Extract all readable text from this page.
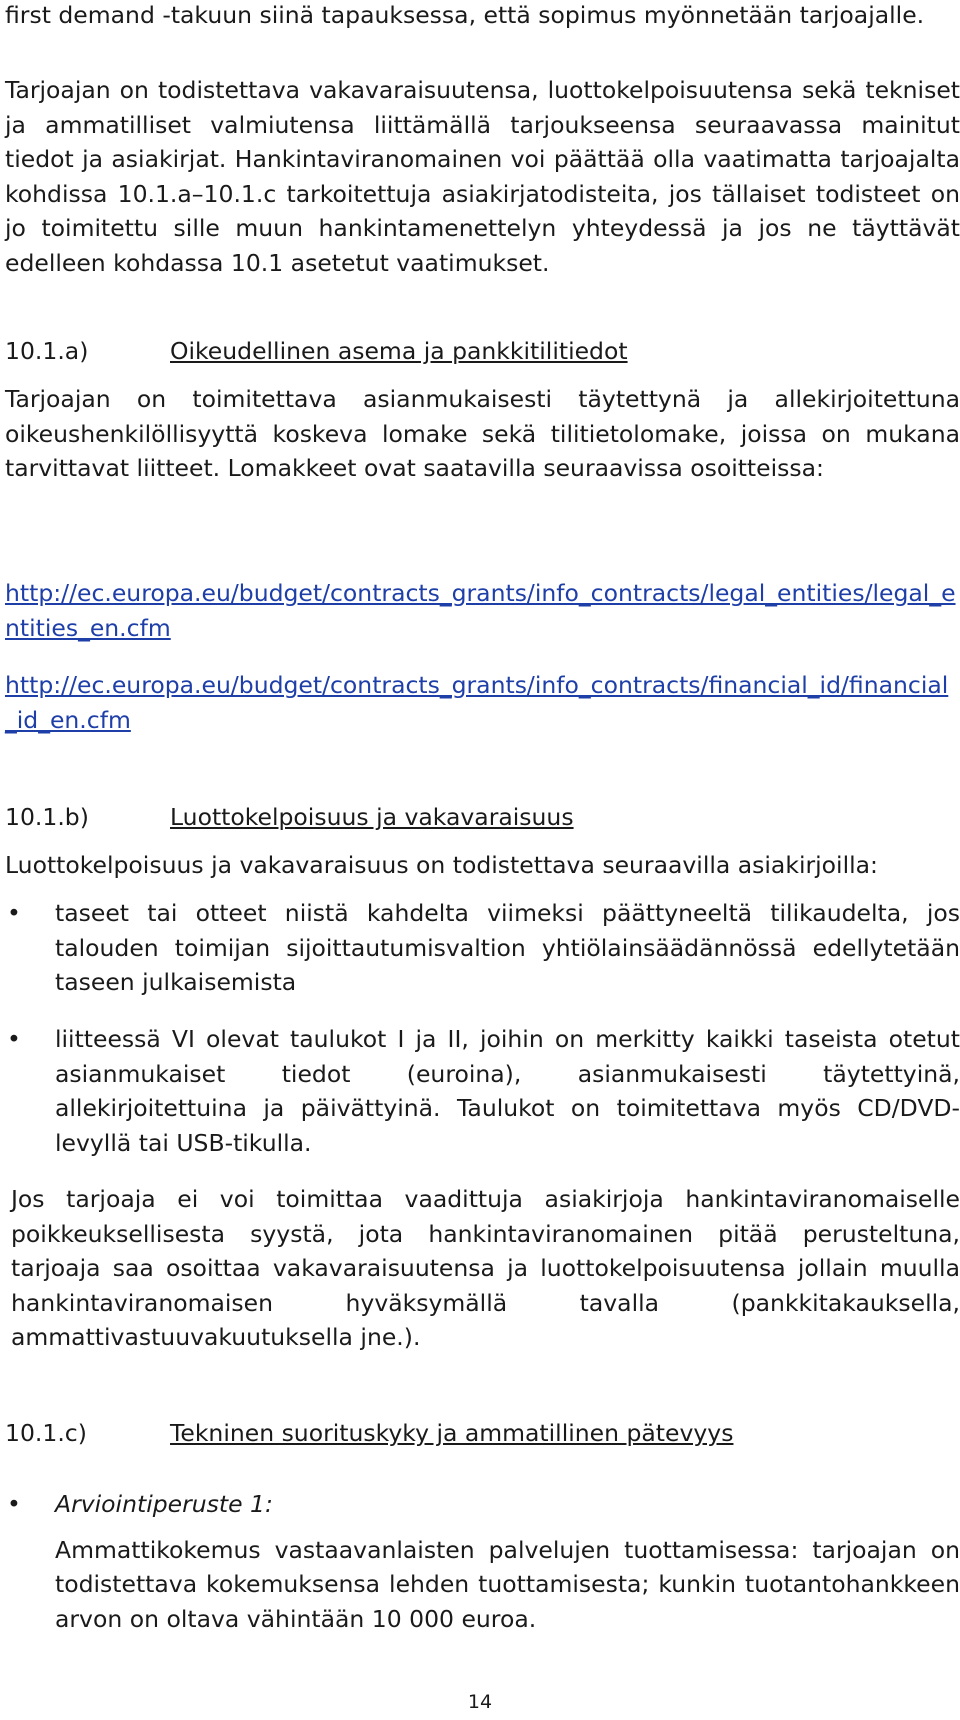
first demand -takuun siinä tapauksessa, että sopimus myönnetään tarjoajalle.

Tarjoajan on todistettava vakavaraisuutensa, luottokelpoisuutensa sekä tekniset ja ammatilliset valmiutensa liittämällä tarjoukseensa seuraavassa mainitut tiedot ja asiakirjat. Hankintaviranomainen voi päättää olla vaatimatta tarjoajalta kohdissa 10.1.a–10.1.c tarkoitettuja asiakirjatodisteita, jos tällaiset todisteet on jo toimitettu sille muun hankintamenettelyn yhteydessä ja jos ne täyttävät edelleen kohdassa 10.1 asetetut vaatimukset.

10.1.a)	Oikeudellinen asema ja pankkitilitiedot

Tarjoajan on toimitettava asianmukaisesti täytettynä ja allekirjoitettuna oikeushenkilöllisyyttä koskeva lomake sekä tilitietolomake, joissa on mukana tarvittavat liitteet. Lomakkeet ovat saatavilla seuraavissa osoitteissa:

http://ec.europa.eu/budget/contracts_grants/info_contracts/legal_entities/legal_entities_en.cfm
http://ec.europa.eu/budget/contracts_grants/info_contracts/financial_id/financial_id_en.cfm
10.1.b)	Luottokelpoisuus ja vakavaraisuus

Luottokelpoisuus ja vakavaraisuus on todistettava seuraavilla asiakirjoilla:

•	taseet tai otteet niistä kahdelta viimeksi päättyneeltä tilikaudelta, jos talouden toimijan sijoittautumisvaltion yhtiölainsäädännössä edellytetään taseen julkaisemista

•	liitteessä VI olevat taulukot I ja II, joihin on merkitty kaikki taseista otetut asianmukaiset tiedot (euroina), asianmukaisesti täytettyinä, allekirjoitettuina ja päivättyinä. Taulukot on toimitettava myös CD/DVD-levyllä tai USB-tikulla.

Jos tarjoaja ei voi toimittaa vaadittuja asiakirjoja hankintaviranomaiselle poikkeuksellisesta syystä, jota hankintaviranomainen pitää perusteltuna, tarjoaja saa osoittaa vakavaraisuutensa ja luottokelpoisuutensa jollain muulla hankintaviranomaisen hyväksymällä tavalla (pankkitakauksella, ammattivastuuvakuutuksella jne.).

10.1.c)	Tekninen suorituskyky ja ammatillinen pätevyys
•	Arviointiperuste 1:

Ammattikokemus vastaavanlaisten palvelujen tuottamisessa: tarjoajan on todistettava kokemuksensa lehden tuottamisesta; kunkin tuotantohankkeen arvon on oltava vähintään 10 000 euroa.

14
